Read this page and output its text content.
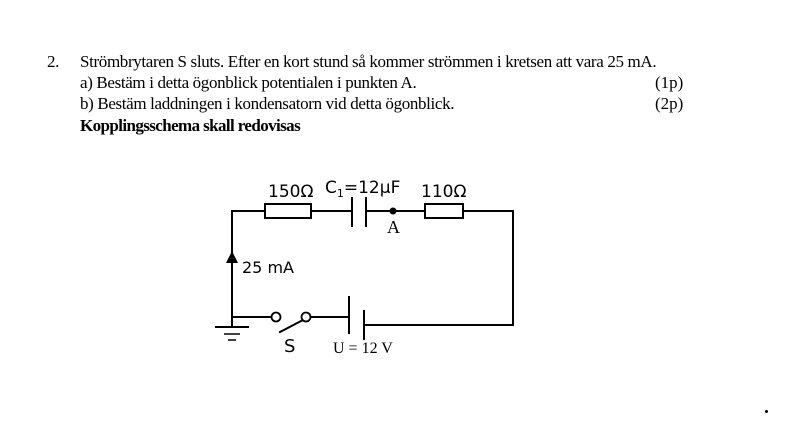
2. Strömbrytaren S sluts. Efter en kort stund så kommer strömmen i kretsen att vara 25 mA.
a) Bestäm i detta ögonblick potentialen i punkten A.	(1p)
b) Bestäm laddningen i kondensatorn vid detta ögonblick.	(2p)
Kopplingsschema skall redovisas
150Ω $C_1=12\mu F$ 110Ω
A
25 mA
S U = 12 V
